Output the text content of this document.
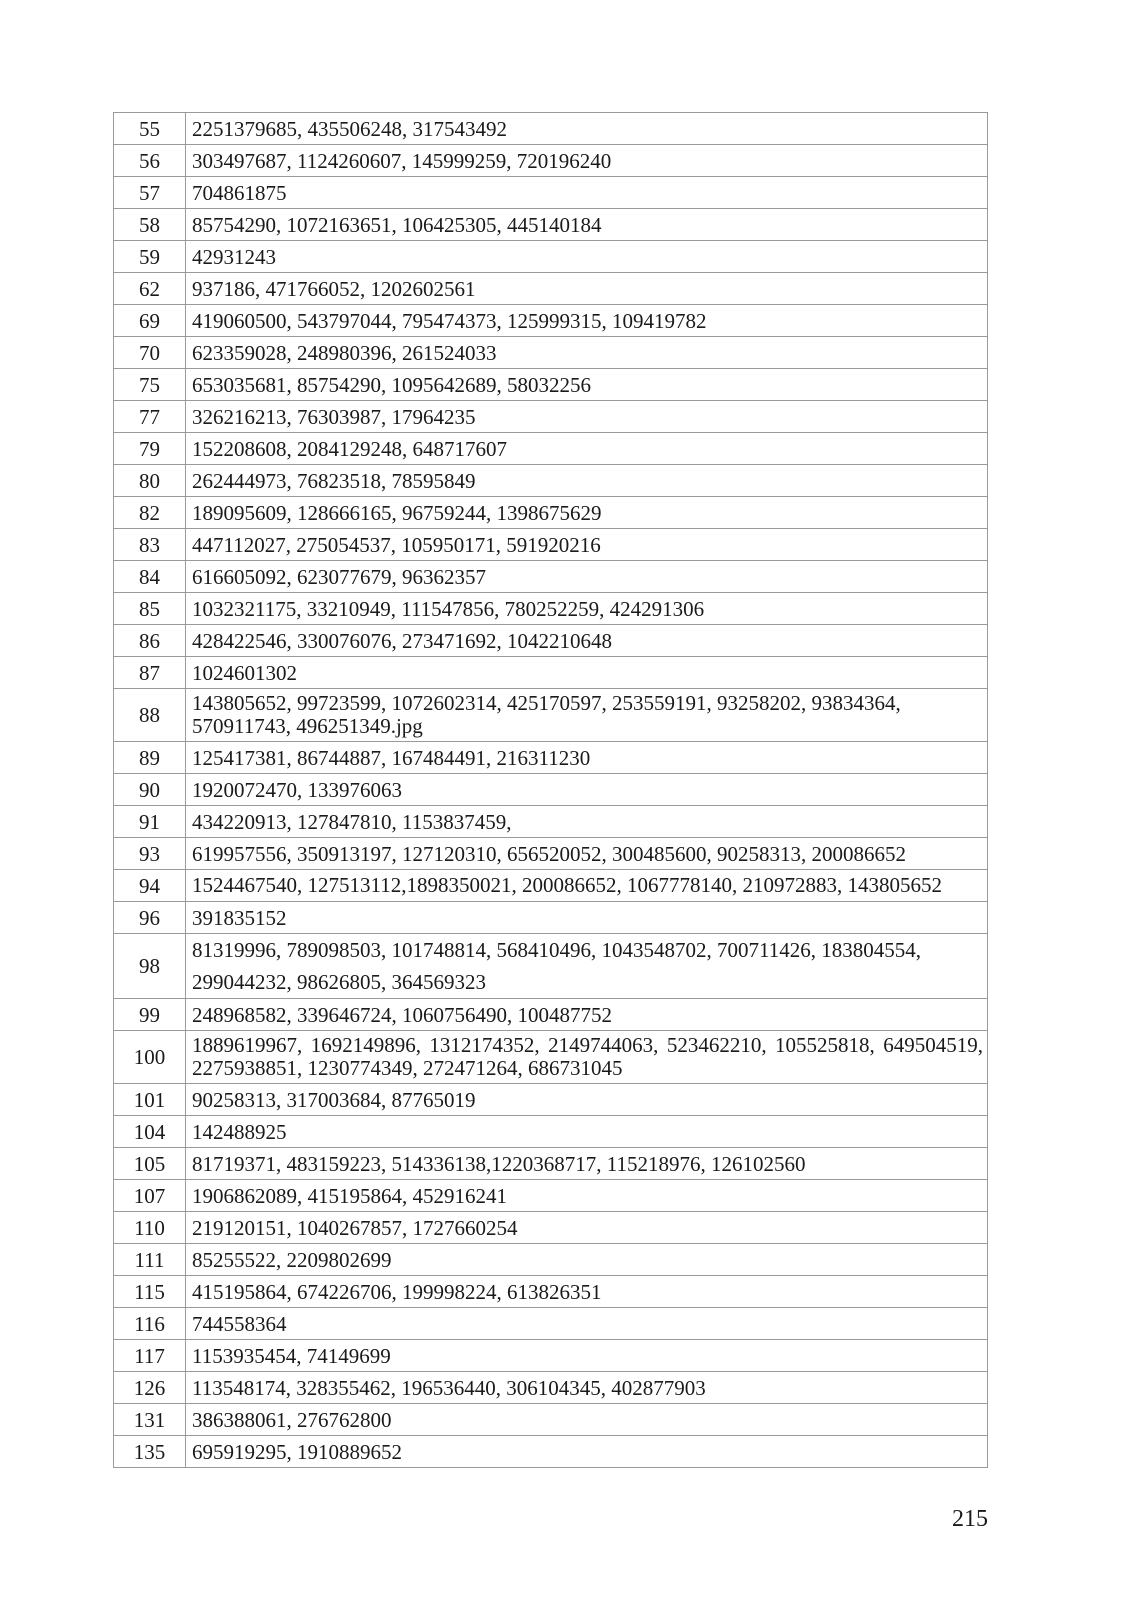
55	2251379685, 435506248, 317543492
56	303497687, 1124260607, 145999259, 720196240
57	704861875
58	85754290, 1072163651, 106425305, 445140184
59	42931243
62	937186, 471766052, 1202602561
69	419060500, 543797044, 795474373, 125999315, 109419782
70	623359028, 248980396, 261524033
75	653035681, 85754290, 1095642689, 58032256
77	326216213, 76303987, 17964235
79	152208608, 2084129248, 648717607
80	262444973, 76823518, 78595849
82	189095609, 128666165, 96759244, 1398675629
83	447112027, 275054537, 105950171, 591920216
84	616605092, 623077679, 96362357
85	1032321175, 33210949, 111547856, 780252259, 424291306
86	428422546, 330076076, 273471692, 1042210648
87	1024601302
88	143805652, 99723599, 1072602314, 425170597, 253559191, 93258202, 93834364, 570911743, 496251349.jpg
89	125417381, 86744887, 167484491, 216311230
90	1920072470, 133976063
91	434220913, 127847810, 1153837459,
93	619957556, 350913197, 127120310, 656520052, 300485600, 90258313, 200086652
94	1524467540, 127513112,1898350021, 200086652, 1067778140, 210972883, 143805652
96	391835152
98	81319996, 789098503, 101748814, 568410496, 1043548702, 700711426, 183804554, 299044232, 98626805, 364569323
99	248968582, 339646724, 1060756490, 100487752
100	1889619967, 1692149896, 1312174352, 2149744063, 523462210, 105525818, 649504519, 2275938851, 1230774349, 272471264, 686731045
101	90258313, 317003684, 87765019
104	142488925
105	81719371, 483159223, 514336138,1220368717, 115218976, 126102560
107	1906862089, 415195864, 452916241
110	219120151, 1040267857, 1727660254
111	85255522, 2209802699
115	415195864, 674226706, 199998224, 613826351
116	744558364
117	1153935454, 74149699
126	113548174, 328355462, 196536440, 306104345, 402877903
131	386388061, 276762800
135	695919295, 1910889652
215
